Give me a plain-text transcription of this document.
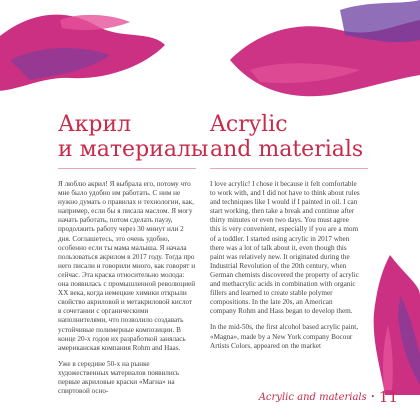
Акрил
и материалы
Acrylic
and materials

Я люблю акрил! Я выбрала его, потому что мне было удобно им работать. С ним не нужно думать о правилах и технологии, как, например, если бы я писала маслом. Я могу начать работать, потом сделать паузу, продолжить работу через 30 минут или 2 дня. Соглашетесь, это очень удобно, особенно если ты мама малыша. Я начала пользоваться акрилом в 2017 году. Тогда про него писали и говорили много, как говорят и сейчас. Эта краска относительно молода: она появилась с промышленной революцией XX века, когда немецкие химики открыли свойство акриловой и метакриловой кислот в сочетании с органическими наполнителями, что позволило создавать устойчивые полимерные композиции. В конце 20-х годов их разработкой занялась американская компания Rohm and Haas.

Уже в середине 50-х на рынке художественных материалов появились первые акриловые краски «Магна» на спиртовой осно-

I love acrylic! I chose it because it felt comfortable to work with, and I did not have to think about rules and techniques like I would if I painted in oil. I can start working, then take a break and continue after thirty minutes or even two days. You must agree this is very convenient, especially if you are a mom of a toddler. I started using acrylic in 2017 when there was a lot of talk about it, even though this paint was relatively new. It originated during the Industrial Revolution of the 20th century, when German chemists discovered the property of acrylic and methacrylic acids in combination with organic fillers and learned to create stable polymer compositions. In the late 20s, an American company Rohm and Hass began to develop them.

In the mid-50s, the first alcohol based acrylic paint, «Magna», made by a New York company Bocour Artists Colors, appeared on the market

Acrylic and materials • 11
